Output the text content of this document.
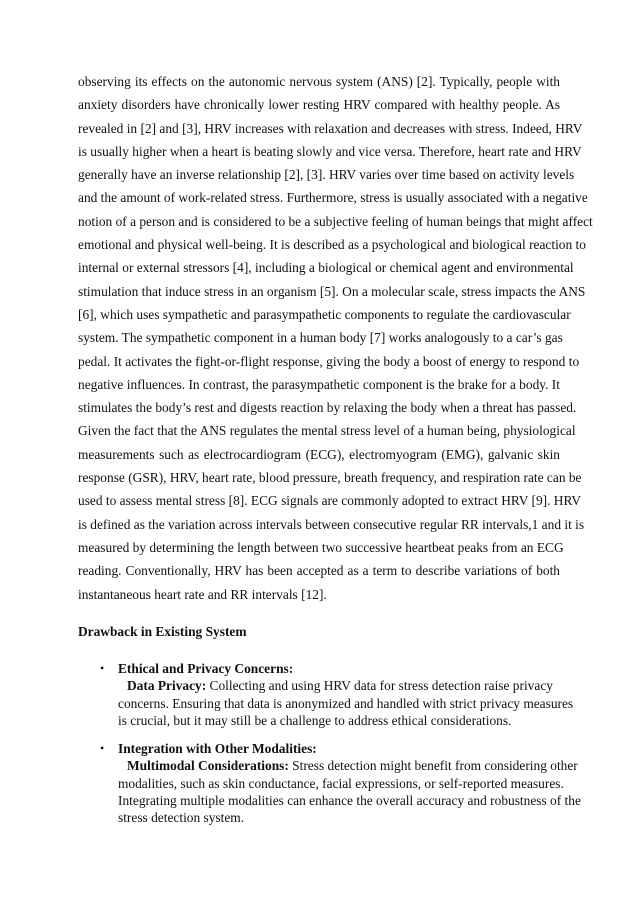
observing its effects on the autonomic nervous system (ANS) [2]. Typically, people with
anxiety disorders have chronically lower resting HRV compared with healthy people. As
revealed in [2] and [3], HRV increases with relaxation and decreases with stress. Indeed, HRV
is usually higher when a heart is beating slowly and vice versa. Therefore, heart rate and HRV
generally have an inverse relationship [2], [3]. HRV varies over time based on activity levels
and the amount of work-related stress. Furthermore, stress is usually associated with a negative
notion of a person and is considered to be a subjective feeling of human beings that might affect
emotional and physical well-being. It is described as a psychological and biological reaction to
internal or external stressors [4], including a biological or chemical agent and environmental
stimulation that induce stress in an organism [5]. On a molecular scale, stress impacts the ANS
[6], which uses sympathetic and parasympathetic components to regulate the cardiovascular
system. The sympathetic component in a human body [7] works analogously to a car’s gas
pedal. It activates the fight-or-flight response, giving the body a boost of energy to respond to
negative influences. In contrast, the parasympathetic component is the brake for a body. It
stimulates the body’s rest and digests reaction by relaxing the body when a threat has passed.
Given the fact that the ANS regulates the mental stress level of a human being, physiological
measurements such as electrocardiogram (ECG), electromyogram (EMG), galvanic skin
response (GSR), HRV, heart rate, blood pressure, breath frequency, and respiration rate can be
used to assess mental stress [8]. ECG signals are commonly adopted to extract HRV [9]. HRV
is defined as the variation across intervals between consecutive regular RR intervals,1 and it is
measured by determining the length between two successive heartbeat peaks from an ECG
reading. Conventionally, HRV has been accepted as a term to describe variations of both
instantaneous heart rate and RR intervals [12].
Drawback in Existing System
• Ethical and Privacy Concerns:
Data Privacy: Collecting and using HRV data for stress detection raise privacy
concerns. Ensuring that data is anonymized and handled with strict privacy measures
is crucial, but it may still be a challenge to address ethical considerations.
• Integration with Other Modalities:
Multimodal Considerations: Stress detection might benefit from considering other
modalities, such as skin conductance, facial expressions, or self-reported measures.
Integrating multiple modalities can enhance the overall accuracy and robustness of the
stress detection system.
